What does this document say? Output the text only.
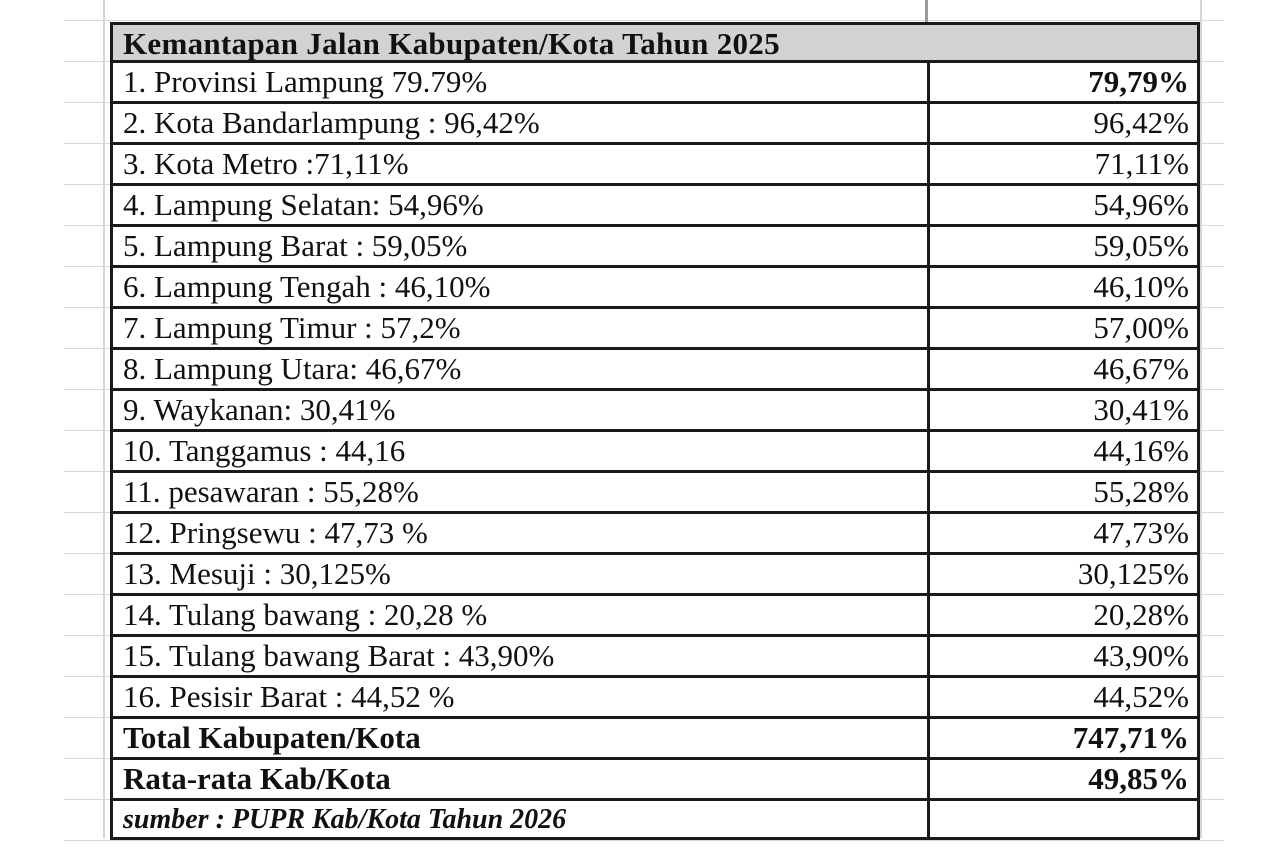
Kemantapan Jalan Kabupaten/Kota Tahun 2025
1. Provinsi Lampung 79.79%	79,79%
2. Kota Bandarlampung : 96,42%	96,42%
3. Kota Metro :71,11%	71,11%
4. Lampung Selatan: 54,96%	54,96%
5. Lampung Barat : 59,05%	59,05%
6. Lampung Tengah : 46,10%	46,10%
7. Lampung Timur : 57,2%	57,00%
8. Lampung Utara: 46,67%	46,67%
9. Waykanan: 30,41%	30,41%
10. Tanggamus : 44,16	44,16%
11. pesawaran : 55,28%	55,28%
12. Pringsewu : 47,73 %	47,73%
13. Mesuji : 30,125%	30,125%
14. Tulang bawang : 20,28 %	20,28%
15. Tulang bawang Barat : 43,90%	43,90%
16. Pesisir Barat : 44,52 %	44,52%
Total Kabupaten/Kota	747,71%
Rata-rata Kab/Kota	49,85%
sumber : PUPR Kab/Kota Tahun 2026
